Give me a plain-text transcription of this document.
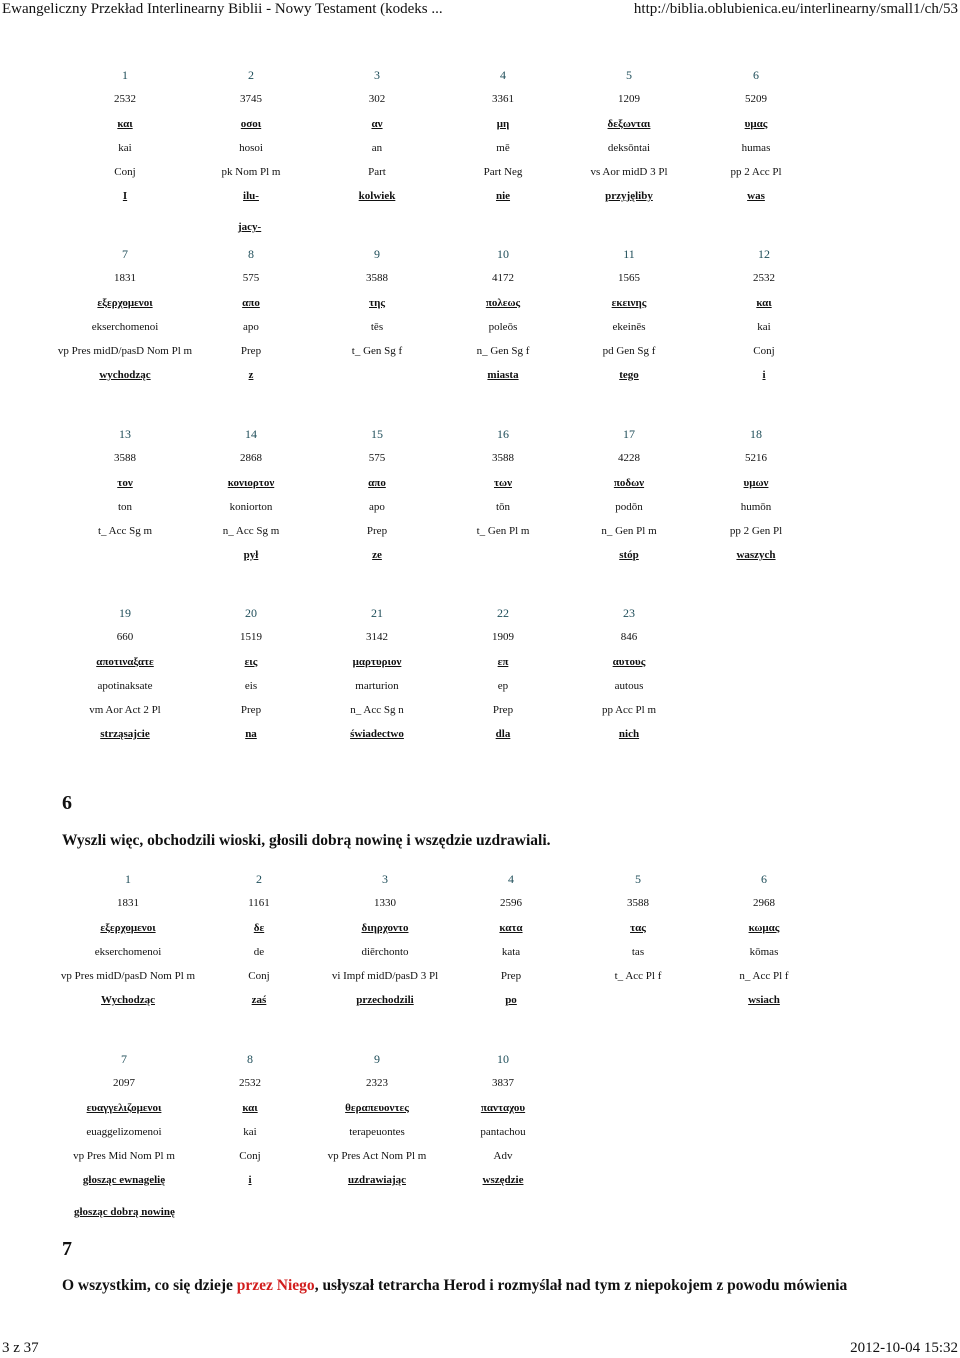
Ewangeliczny Przekład Interlinearny Biblii - Nowy Testament (kodeks ...	http://biblia.oblubienica.eu/interlinearny/small1/ch/53
1
2532
και
kai
Conj
I
2
3745
οσοι
hosoi
pk Nom Pl m
ilu-
3
302
αν
an
Part
kolwiek
4
3361
μη
mē
Part Neg
nie
5
1209
δεξωνται
deksōntai
vs Aor midD 3 Pl
przyjęliby
6
5209
υμας
humas
pp 2 Acc Pl
was
jacy-
7
1831
εξερχομενοι
ekserchomenoi
vp Pres midD/pasD Nom Pl m
wychodząc
8
575
απο
apo
Prep
z
9
3588
της
tēs
t_ Gen Sg f
10
4172
πολεως
poleōs
n_ Gen Sg f
miasta
11
1565
εκεινης
ekeinēs
pd Gen Sg f
tego
12
2532
και
kai
Conj
i
13
3588
τον
ton
t_ Acc Sg m
14
2868
κονιορτον
koniorton
n_ Acc Sg m
pył
15
575
απο
apo
Prep
ze
16
3588
των
tōn
t_ Gen Pl m
17
4228
ποδων
podōn
n_ Gen Pl m
stóp
18
5216
υμων
humōn
pp 2 Gen Pl
waszych
19
660
αποτιναξατε
apotinaksate
vm Aor Act 2 Pl
strząsajcie
20
1519
εις
eis
Prep
na
21
3142
μαρτυριον
marturion
n_ Acc Sg n
świadectwo
22
1909
επ
ep
Prep
dla
23
846
αυτους
autous
pp Acc Pl m
nich
1
1831
εξερχομενοι
ekserchomenoi
vp Pres midD/pasD Nom Pl m
Wychodząc
2
1161
δε
de
Conj
zaś
3
1330
διηρχοντο
diērchonto
vi Impf midD/pasD 3 Pl
przechodzili
4
2596
κατα
kata
Prep
po
5
3588
τας
tas
t_ Acc Pl f
6
2968
κωμας
kōmas
n_ Acc Pl f
wsiach
7
2097
ευαγγελιζομενοι
euaggelizomenoi
vp Pres Mid Nom Pl m
głosząc ewnagelię
8
2532
και
kai
Conj
i
9
2323
θεραπευοντες
terapeuontes
vp Pres Act Nom Pl m
uzdrawiając
10
3837
πανταχου
pantachou
Adv
wszędzie
głosząc dobrą nowinę
6
Wyszli więc, obchodzili wioski, głosili dobrą nowinę i wszędzie uzdrawiali.
7
O wszystkim, co się dzieje przez Niego, usłyszał tetrarcha Herod i rozmyślał nad tym z niepokojem z powodu mówienia
3 z 37	2012-10-04 15:32
